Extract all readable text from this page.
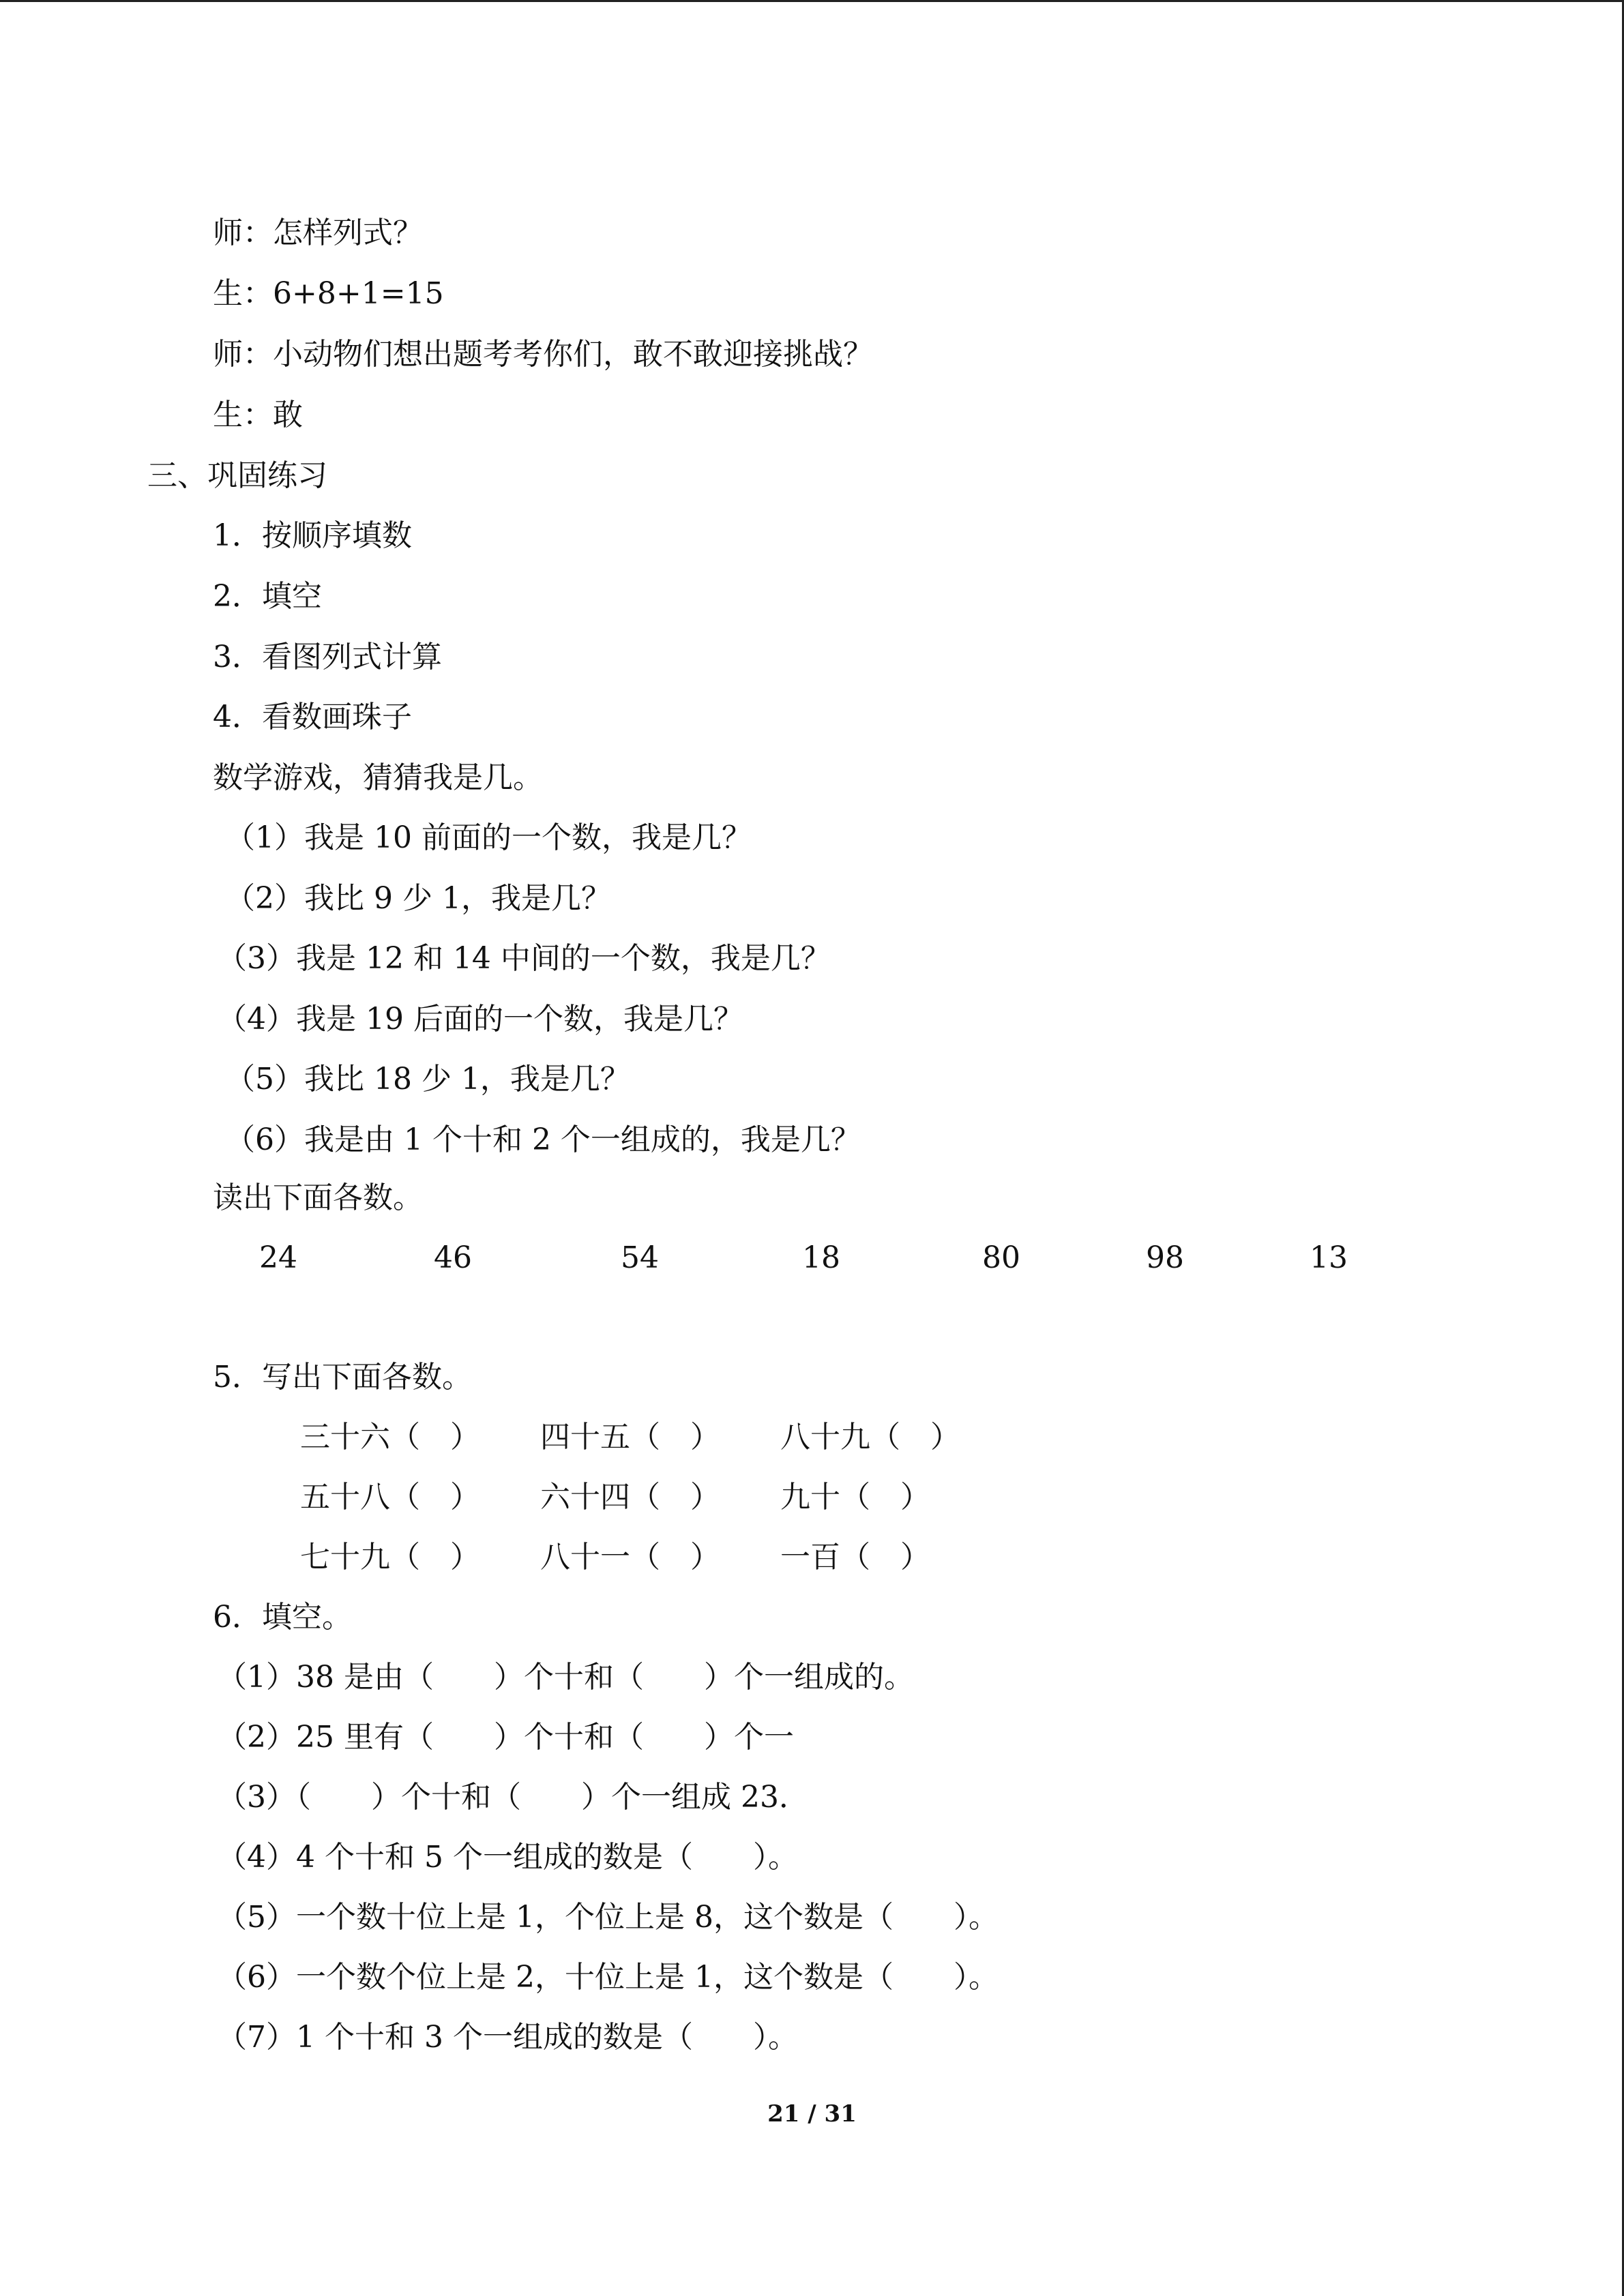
师：怎样列式？
生：6+8+1=15
师：小动物们想出题考考你们，敢不敢迎接挑战？
生：敢
三、巩固练习
1．按顺序填数
2．填空
3．看图列式计算
4．看数画珠子
数学游戏，猜猜我是几。
（1）我是 10 前面的一个数，我是几？
（2）我比 9 少 1，我是几？
（3）我是 12 和 14 中间的一个数，我是几？
（4）我是 19 后面的一个数，我是几？
（5）我比 18 少 1，我是几？
（6）我是由 1 个十和 2 个一组成的，我是几？
读出下面各数。
24	46	54	18	80	98	13
5．写出下面各数。
三十六（　） 四十五（　） 八十九（　）
五十八（　） 六十四（　） 九十（　）
七十九（　） 八十一（　） 一百（　）
6．填空。
（1）38 是由（　　）个十和（　　）个一组成的。
（2）25 里有（　　）个十和（　　）个一
（3）（　　）个十和（　　）个一组成 23．
（4）4 个十和 5 个一组成的数是（　　）。
（5）一个数十位上是 1，个位上是 8，这个数是（　　）。
（6）一个数个位上是 2，十位上是 1，这个数是（　　）。
（7）1 个十和 3 个一组成的数是（　　）。
21 / 31
